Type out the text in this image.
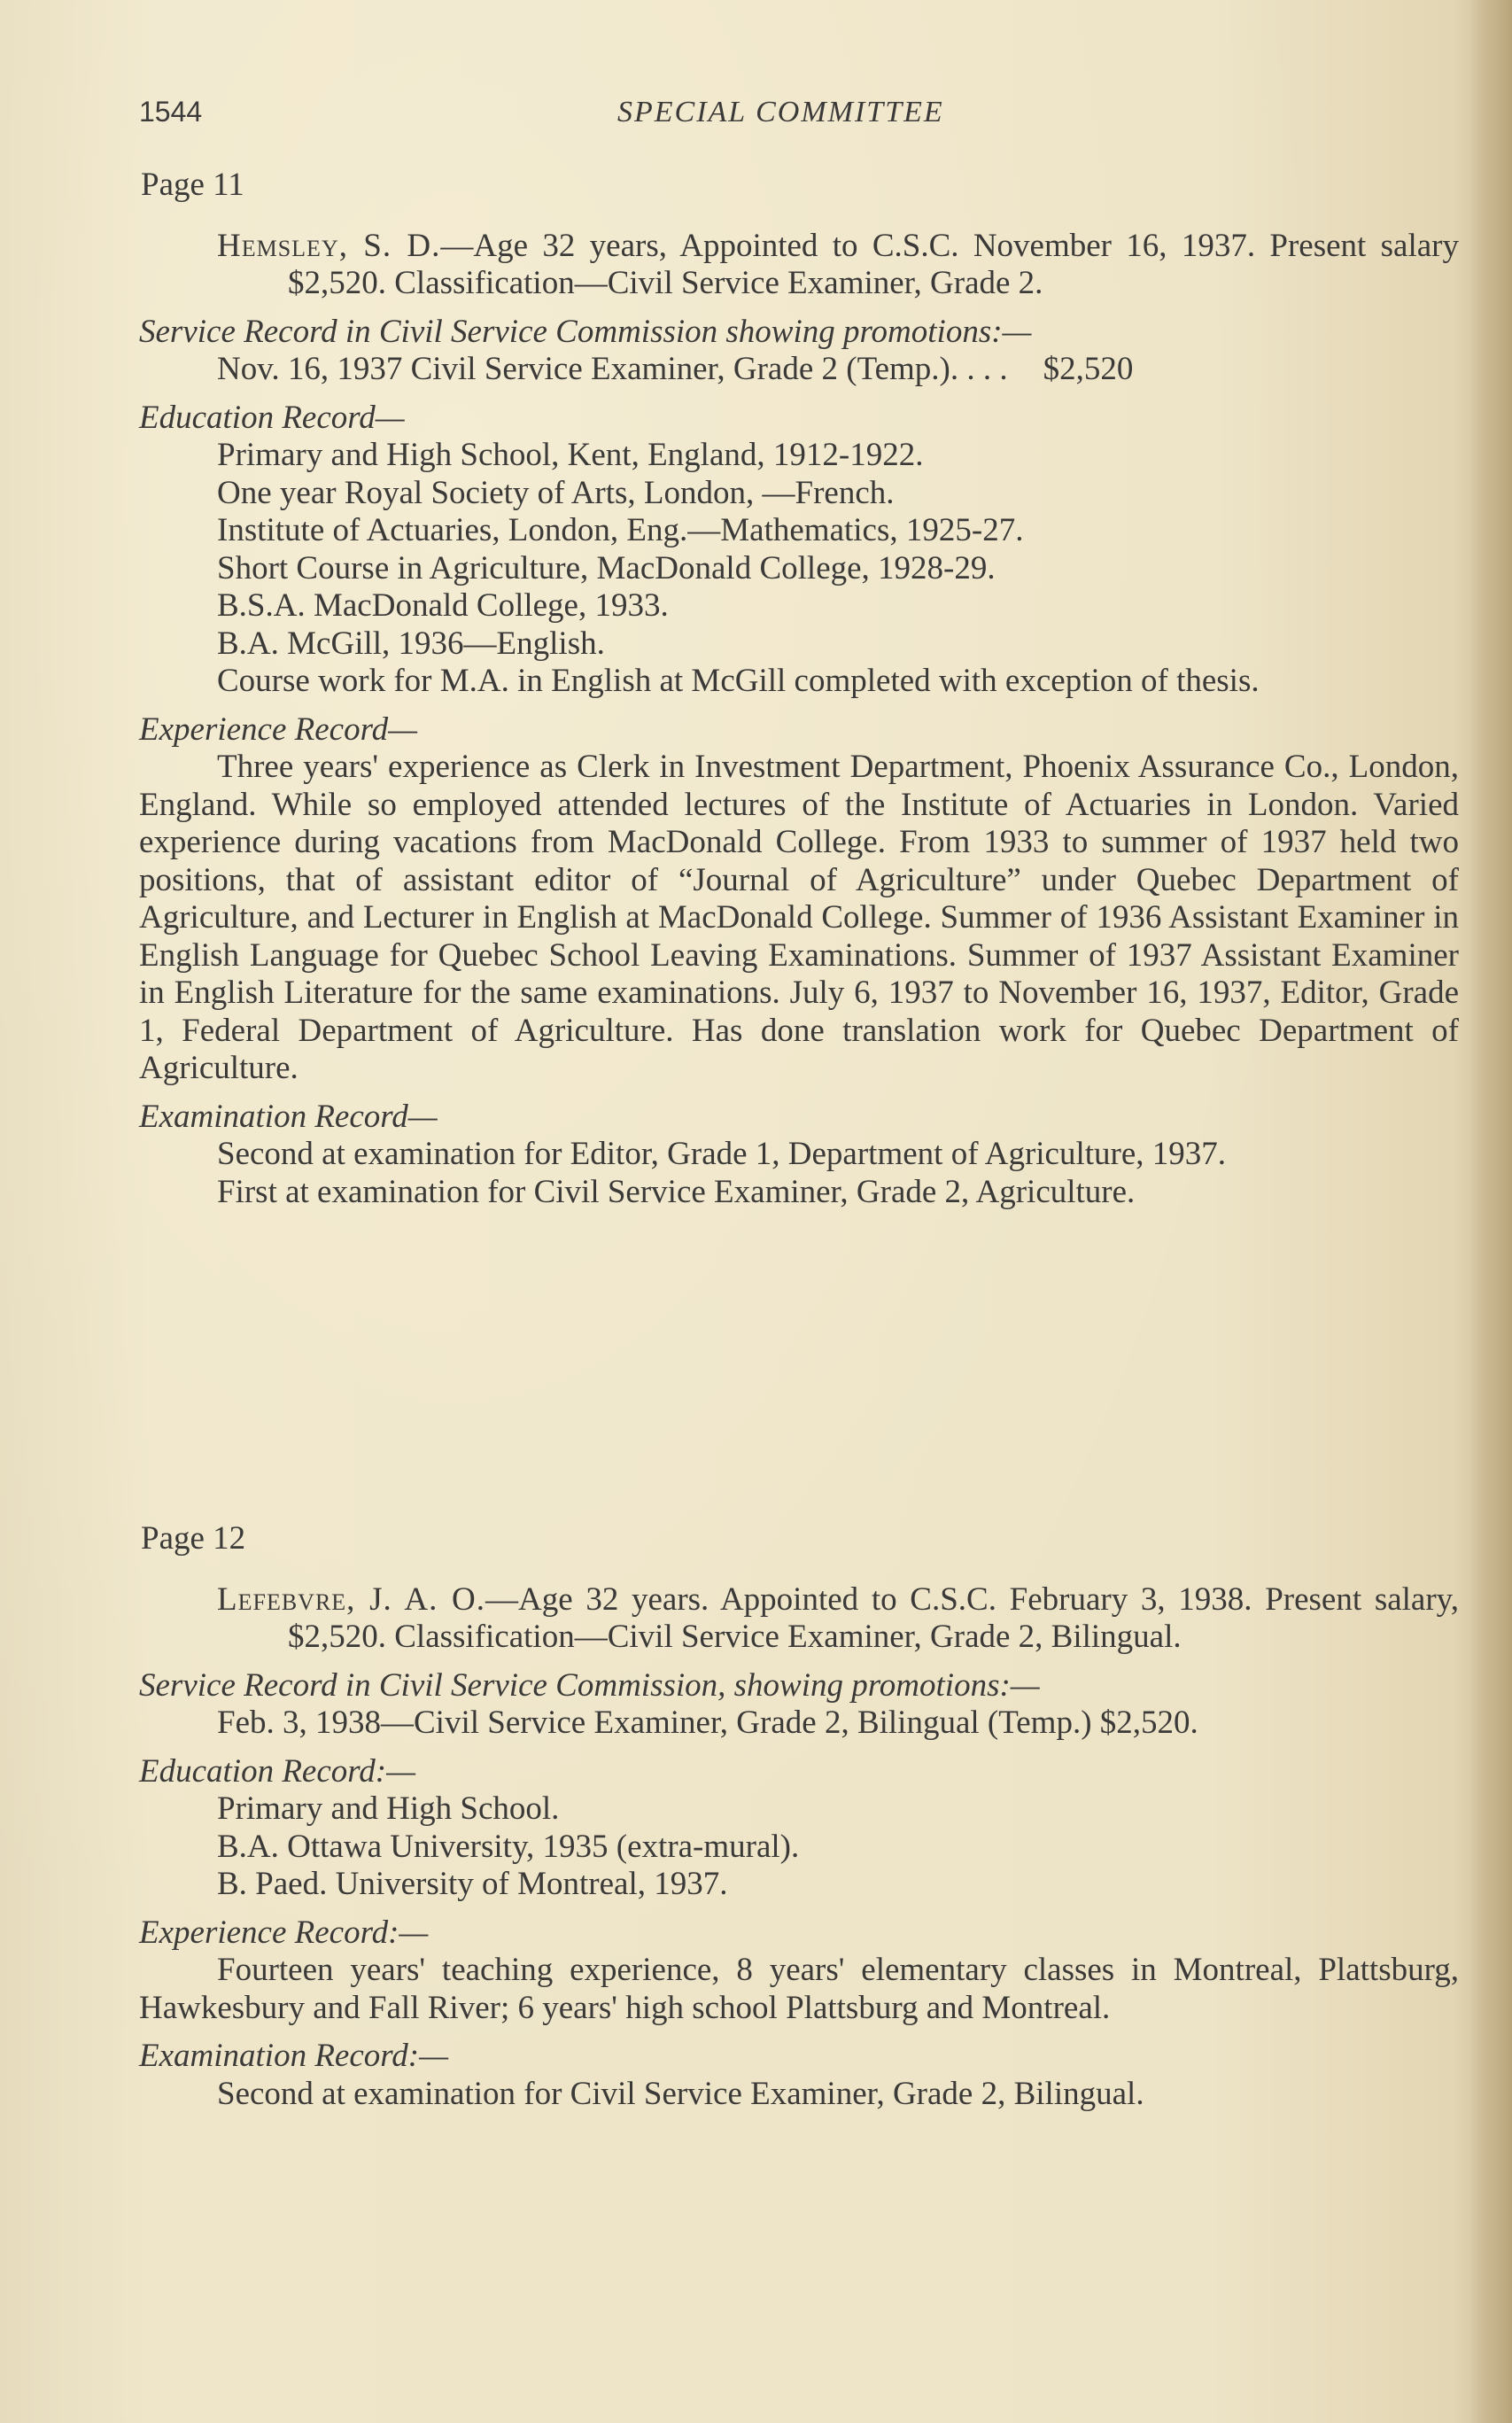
1544	SPECIAL COMMITTEE
Page 11
Hemsley, S. D.—Age 32 years, Appointed to C.S.C. November 16, 1937. Present salary $2,520. Classification—Civil Service Examiner, Grade 2.
Service Record in Civil Service Commission showing promotions:—
Nov. 16, 1937 Civil Service Examiner, Grade 2 (Temp.). . . . $2,520
Education Record—
Primary and High School, Kent, England, 1912-1922.
One year Royal Society of Arts, London, —French.
Institute of Actuaries, London, Eng.—Mathematics, 1925-27.
Short Course in Agriculture, MacDonald College, 1928-29.
B.S.A. MacDonald College, 1933.
B.A. McGill, 1936—English.
Course work for M.A. in English at McGill completed with exception of thesis.
Experience Record—
Three years' experience as Clerk in Investment Department, Phoenix Assurance Co., London, England. While so employed attended lectures of the Institute of Actuaries in London. Varied experience during vacations from MacDonald College. From 1933 to summer of 1937 held two positions, that of assistant editor of “Journal of Agriculture” under Quebec Department of Agriculture, and Lecturer in English at MacDonald College. Summer of 1936 Assistant Examiner in English Language for Quebec School Leaving Examinations. Summer of 1937 Assistant Examiner in English Literature for the same examinations. July 6, 1937 to November 16, 1937, Editor, Grade 1, Federal Department of Agriculture. Has done translation work for Quebec Department of Agriculture.
Examination Record—
Second at examination for Editor, Grade 1, Department of Agriculture, 1937.
First at examination for Civil Service Examiner, Grade 2, Agriculture.
Page 12
Lefebvre, J. A. O.—Age 32 years. Appointed to C.S.C. February 3, 1938. Present salary, $2,520. Classification—Civil Service Examiner, Grade 2, Bilingual.
Service Record in Civil Service Commission, showing promotions:—
Feb. 3, 1938—Civil Service Examiner, Grade 2, Bilingual (Temp.) $2,520.
Education Record:—
Primary and High School.
B.A. Ottawa University, 1935 (extra-mural).
B. Paed. University of Montreal, 1937.
Experience Record:—
Fourteen years' teaching experience, 8 years' elementary classes in Montreal, Plattsburg, Hawkesbury and Fall River; 6 years' high school Plattsburg and Montreal.
Examination Record:—
Second at examination for Civil Service Examiner, Grade 2, Bilingual.
